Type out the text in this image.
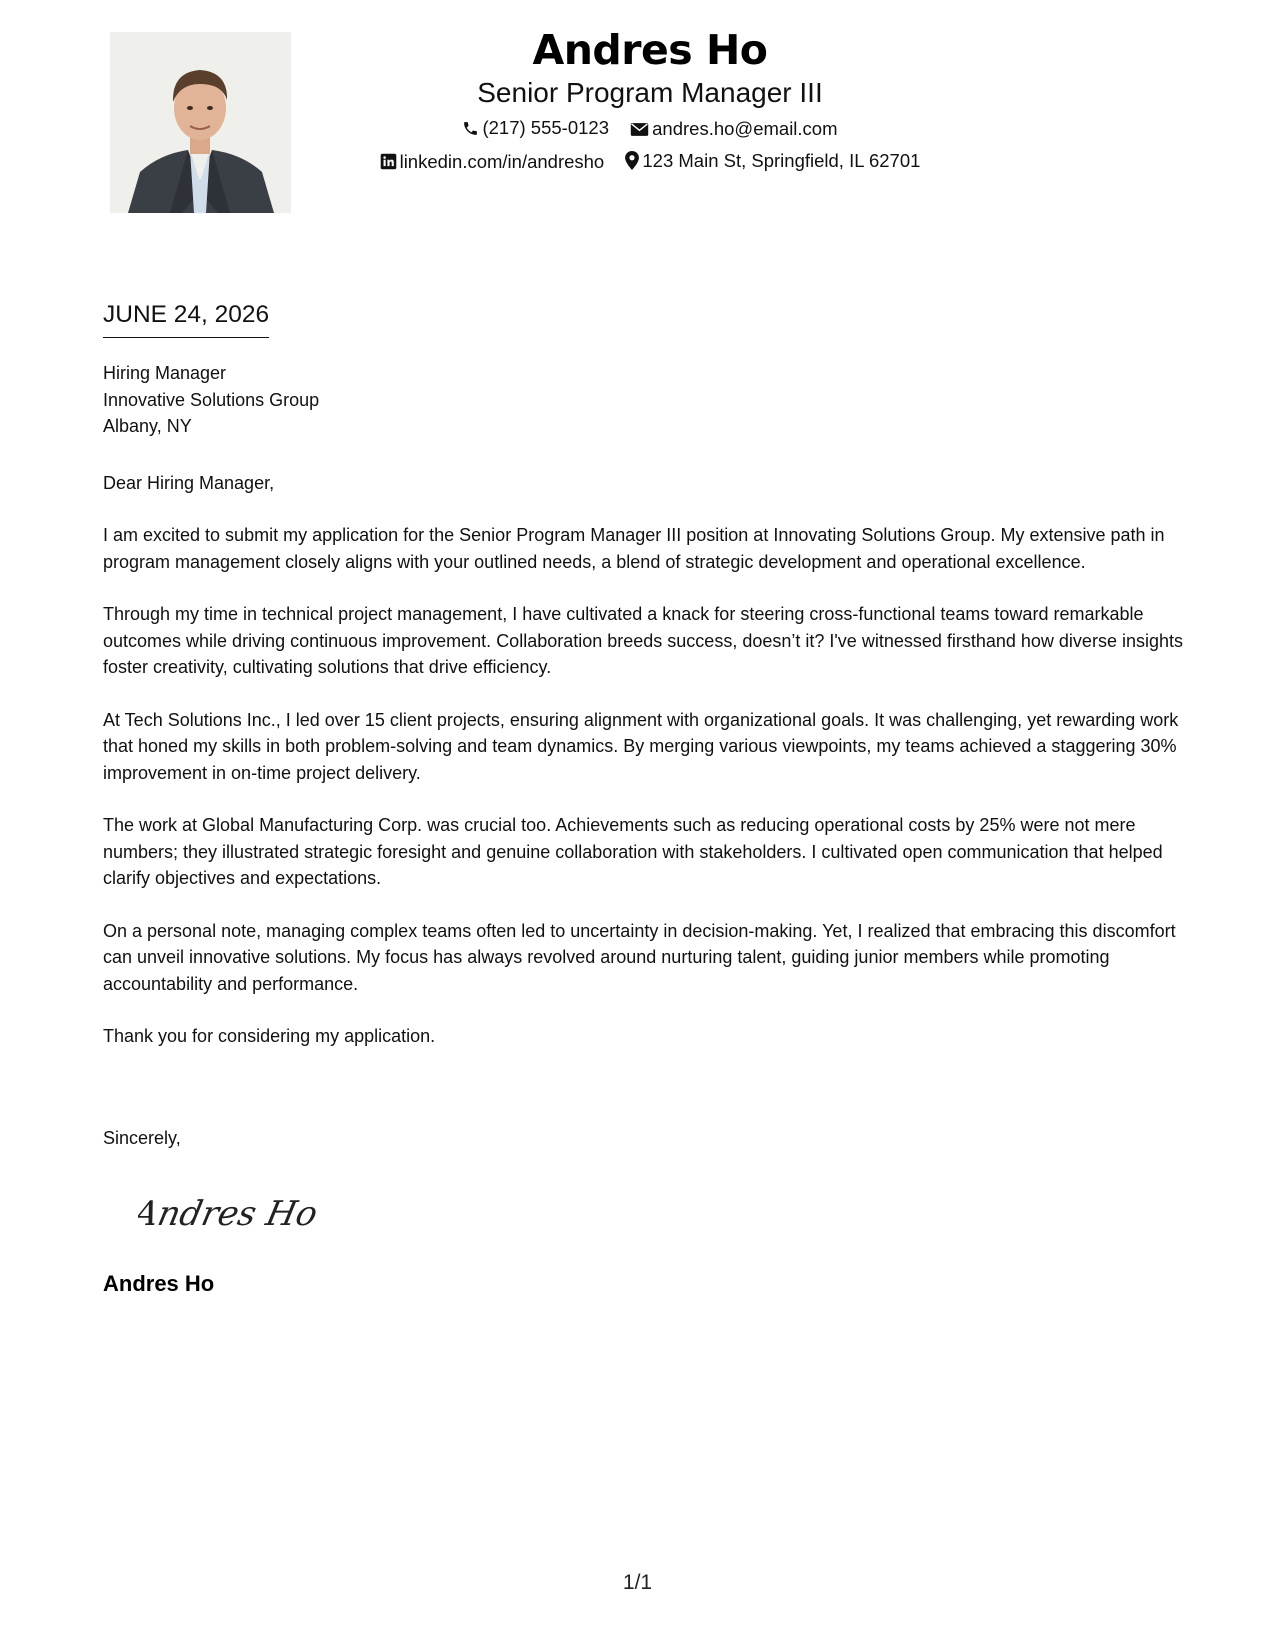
Andres Ho
Senior Program Manager III
(217) 555-0123
andres.ho@email.com
linkedin.com/in/andresho
123 Main St, Springfield, IL 62701
JUNE 24, 2026
Hiring Manager
Innovative Solutions Group
Albany, NY
Dear Hiring Manager,

I am excited to submit my application for the Senior Program Manager III position at Innovating Solutions Group. My extensive path in program management closely aligns with your outlined needs, a blend of strategic development and operational excellence.

Through my time in technical project management, I have cultivated a knack for steering cross-functional teams toward remarkable outcomes while driving continuous improvement. Collaboration breeds success, doesn’t it? I've witnessed firsthand how diverse insights foster creativity, cultivating solutions that drive efficiency.

At Tech Solutions Inc., I led over 15 client projects, ensuring alignment with organizational goals. It was challenging, yet rewarding work that honed my skills in both problem-solving and team dynamics. By merging various viewpoints, my teams achieved a staggering 30% improvement in on-time project delivery.

The work at Global Manufacturing Corp. was crucial too. Achievements such as reducing operational costs by 25% were not mere numbers; they illustrated strategic foresight and genuine collaboration with stakeholders. I cultivated open communication that helped clarify objectives and expectations.

On a personal note, managing complex teams often led to uncertainty in decision-making. Yet, I realized that embracing this discomfort can unveil innovative solutions. My focus has always revolved around nurturing talent, guiding junior members while promoting accountability and performance.

Thank you for considering my application.

Sincerely,
Andres Ho
Andres Ho
1/1
